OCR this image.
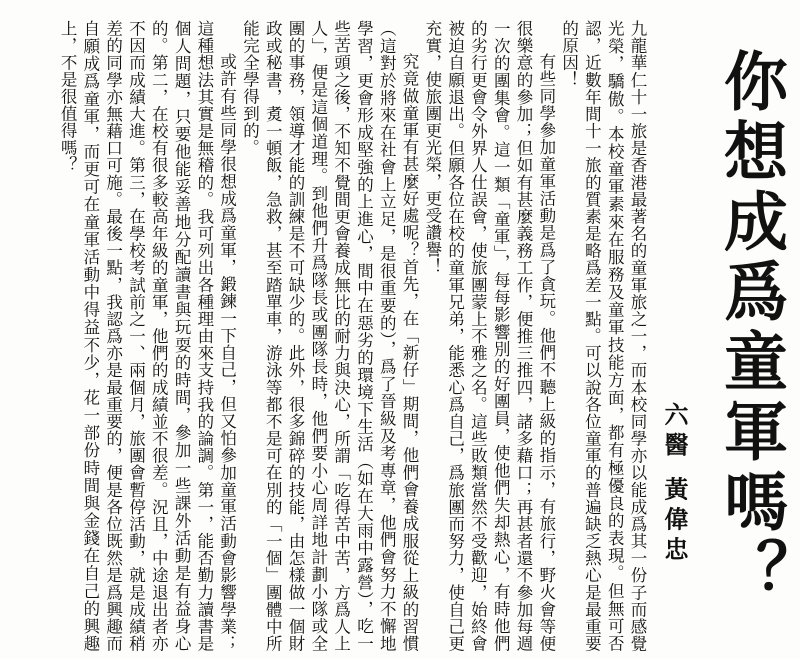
你想成爲童軍嗎？
六醫 黃偉忠

九龍華仁十一旅是香港最著名的童軍旅之一，而本校同學亦以能成爲其一份子而感覺光榮，驕傲。本校童軍素來在服務及童軍技能方面，都有極優良的表現。但無可否認，近數年間十一旅的質素是略爲差一點。可以說各位童軍的普遍缺乏熱心是最重要的原因！

有些同學參加童軍活動是爲了貪玩。他們不聽上級的指示，有旅行，野火會等便很樂意的參加；但如有甚麼義務工作，便推三推四，諸多藉口；再甚者還不參加每週一次的團集會。這一類「童軍」，每每影響別的好團員，使他們失却熱心，有時他們的劣行更會令外界人仕誤會，使旅團蒙上不雅之名。這些敗類當然不受歡迎，始終會被迫自願退出。但願各位在校的童軍兄弟，能悉心爲自己，爲旅團而努力，使自己更充實，使旅團更光榮，更受讚譽！

究竟做童軍有甚麼好處呢？首先，在「新仔」期間，他們會養成服從上級的習慣（這對於將來在社會上立足，是很重要的），爲了晉級及考專章，他們會努力不懈地學習，更會形成堅強的上進心，間中在惡劣的環境下生活（如在大雨中露營），吃一些苦頭之後，不知不覺間更會養成無比的耐力與決心，所謂「吃得苦中苦，方爲人上人」，便是這個道理。到他們升爲隊長或團隊長時，他們要小心周詳地計劃小隊或全團的事務，領導才能的訓練是不可缺少的。此外，很多錦碎的技能，由怎樣做一個財政或秘書，煑一頓飯，急救，甚至踏單車，游泳等都不是可在別的「一個」團體中所能完全學得到的。

或許有些同學很想成爲童軍，鍛鍊一下自己，但又怕參加童軍活動會影響學業；這種想法其實是無稽的。我可列出各種理由來支持我的論調。第一，能否勤力讀書是個人問題，只要他能妥善地分配讀書與玩耍的時間，參加一些課外活動是有益身心的。第二，在校有很多較高年級的童軍，他們的成績並不很差。況且，中途退出者亦不因而成績大進。第三，在學校考試前之一、兩個月，旅團會暫停活動，就是成績稍差的同學亦無藉口可施。最後一點，我認爲亦是最重要的，便是各位既然是爲興趣而自願成爲童軍，而更可在童軍活動中得益不少，花一部份時間與金錢在自己的興趣上，不是很值得嗎？
